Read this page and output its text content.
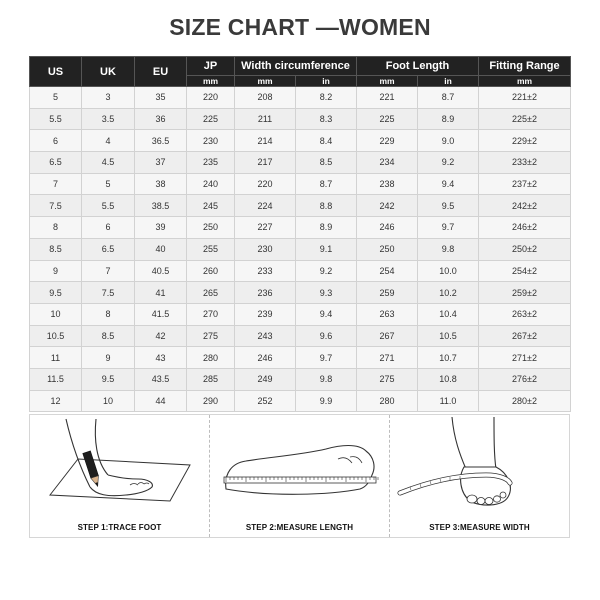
SIZE CHART —WOMEN
US	UK	EU	JP	Width circumference		Foot Length		Fitting Range
			mm	mm	in	mm	in	mm
5	3	35	220	208	8.2	221	8.7	221±2
5.5	3.5	36	225	211	8.3	225	8.9	225±2
6	4	36.5	230	214	8.4	229	9.0	229±2
6.5	4.5	37	235	217	8.5	234	9.2	233±2
7	5	38	240	220	8.7	238	9.4	237±2
7.5	5.5	38.5	245	224	8.8	242	9.5	242±2
8	6	39	250	227	8.9	246	9.7	246±2
8.5	6.5	40	255	230	9.1	250	9.8	250±2
9	7	40.5	260	233	9.2	254	10.0	254±2
9.5	7.5	41	265	236	9.3	259	10.2	259±2
10	8	41.5	270	239	9.4	263	10.4	263±2
10.5	8.5	42	275	243	9.6	267	10.5	267±2
11	9	43	280	246	9.7	271	10.7	271±2
11.5	9.5	43.5	285	249	9.8	275	10.8	276±2
12	10	44	290	252	9.9	280	11.0	280±2
STEP 1:TRACE FOOT	STEP 2:MEASURE LENGTH	STEP 3:MEASURE WIDTH
